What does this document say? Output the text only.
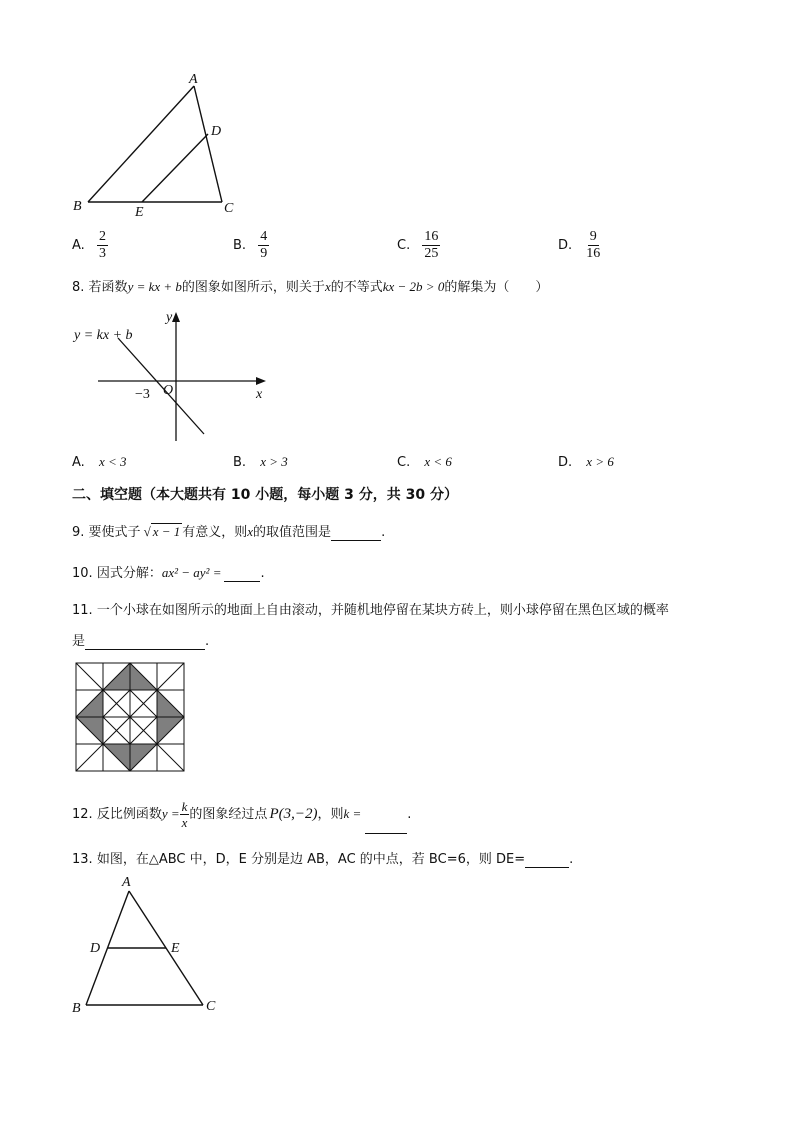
A
D
B	E	C
A. $\frac{2}{3}$	B. $\frac{4}{9}$	C. $\frac{16}{25}$	D. $\frac{9}{16}$
8. 若函数y = kx + b的图象如图所示，则关于x的不等式kx − 2b > 0的解集为（　　）
y = kx + b
y
x
O
−3
A. x < 3	B. x > 3	C. x < 6	D. x > 6
二、填空题（本大题共有 10 小题，每小题 3 分，共 30 分）
9. 要使式子 √ x − 1 有意义，则x的取值范围是	.
10. 因式分解：ax² − ay² =	.
11. 一个小球在如图所示的地面上自由滚动，并随机地停留在某块方砖上，则小球停留在黑色区域的概率
是	.
12. 反比例函数$y = \frac{k}{x}$ 的图象经过点 P(3,−2)，则k =	.
13. 如图，在△ABC 中，D，E 分别是边 AB，AC 的中点，若 BC=6，则 DE=	.
A
D	E
B	C
